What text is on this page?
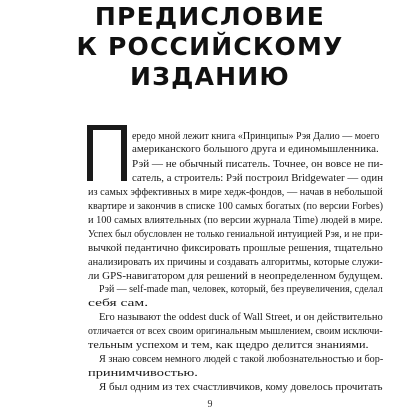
ПРЕДИСЛОВИЕ
К РОССИЙСКОМУ
ИЗДАНИЮ
ередо мной лежит книга «Принципы» Рэя Далио — моего
американского большого друга и единомышленника.
Рэй — не обычный писатель. Точнее, он вовсе не пи-
сатель, а строитель: Рэй построил Bridgewater — один
из самых эффективных в мире хедж-фондов, — начав в небольшой
квартире и закончив в списке 100 самых богатых (по версии Forbes)
и 100 самых влиятельных (по версии журнала Time) людей в мире.
Успех был обусловлен не только гениальной интуицией Рэя, и не при-
вычкой педантично фиксировать прошлые решения, тщательно
анализировать их причины и создавать алгоритмы, которые служи-
ли GPS-навигатором для решений в неопределенном будущем.
Рэй — self-made man, человек, который, без преувеличения, сделал
себя сам.
Его называют the oddest duck of Wall Street, и он действительно
отличается от всех своим оригинальным мышлением, своим исключи-
тельным успехом и тем, как щедро делится знаниями.
Я знаю совсем немного людей с такой любознательностью и бор-
принимчивостью.
Я был одним из тех счастливчиков, кому довелось прочитать
9
